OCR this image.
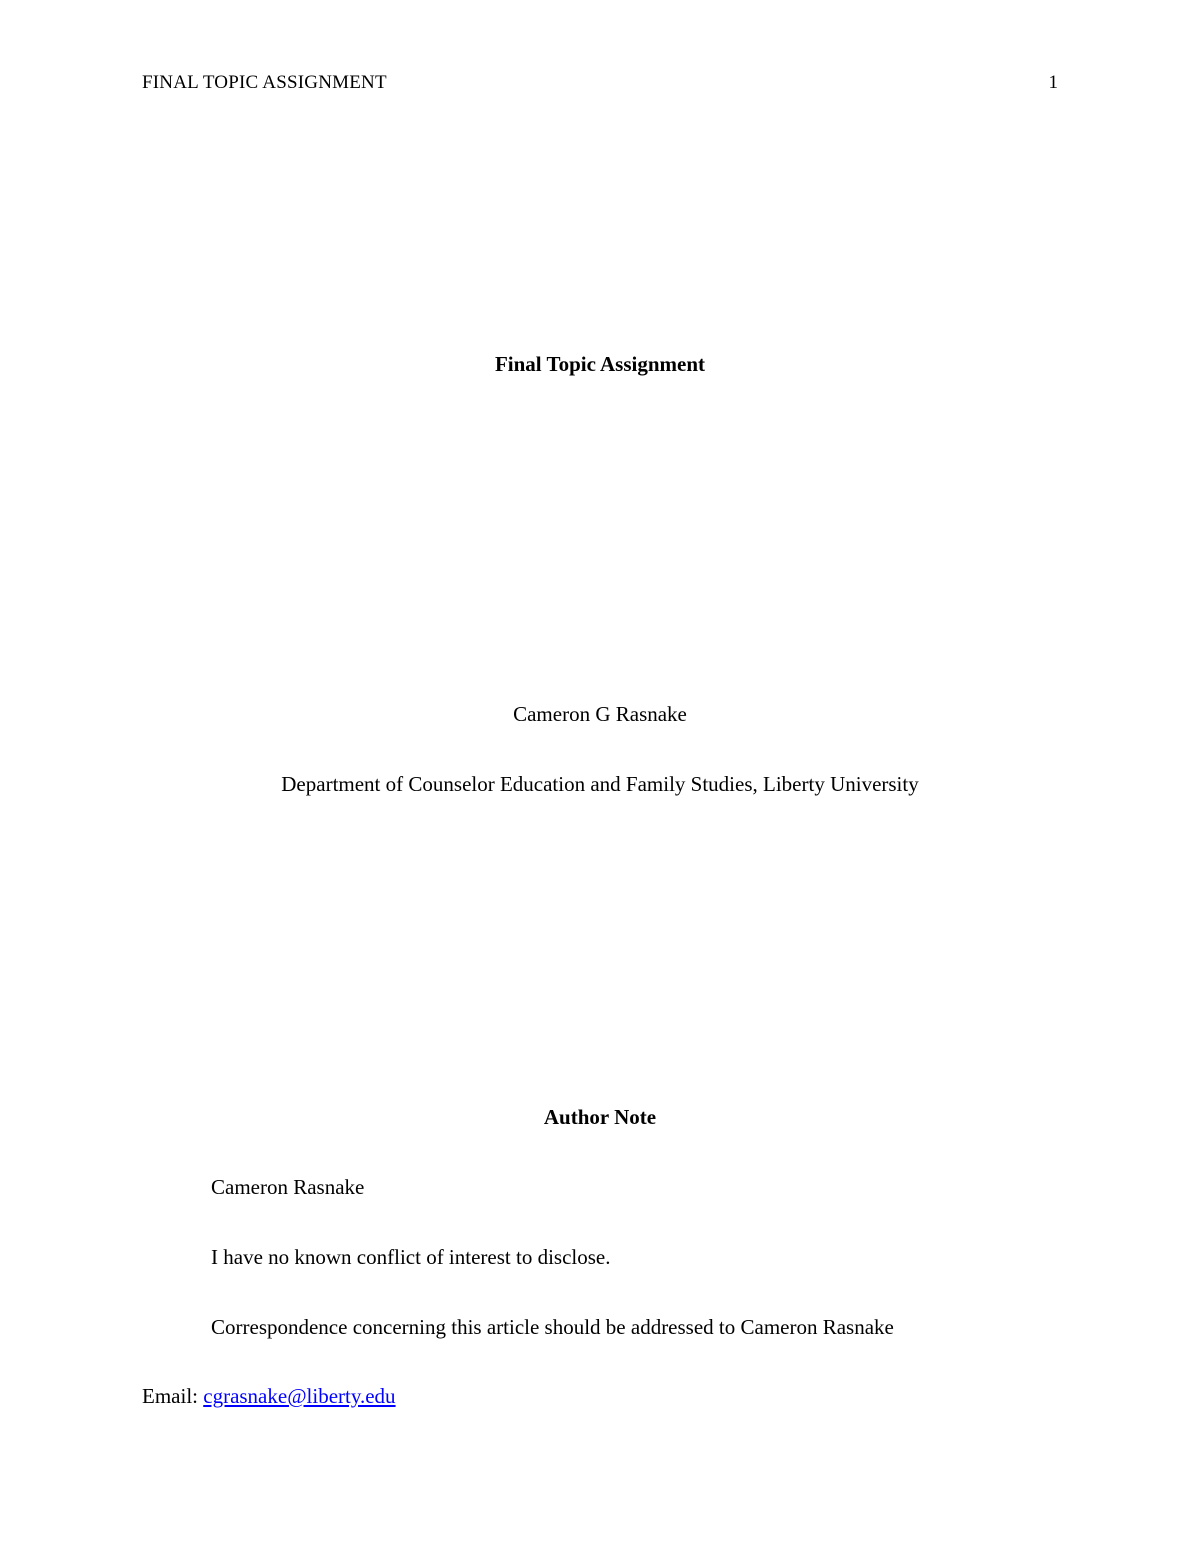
FINAL TOPIC ASSIGNMENT	1
Final Topic Assignment
Cameron G Rasnake
Department of Counselor Education and Family Studies, Liberty University
Author Note
Cameron Rasnake
I have no known conflict of interest to disclose.
Correspondence concerning this article should be addressed to Cameron Rasnake
Email: cgrasnake@liberty.edu
